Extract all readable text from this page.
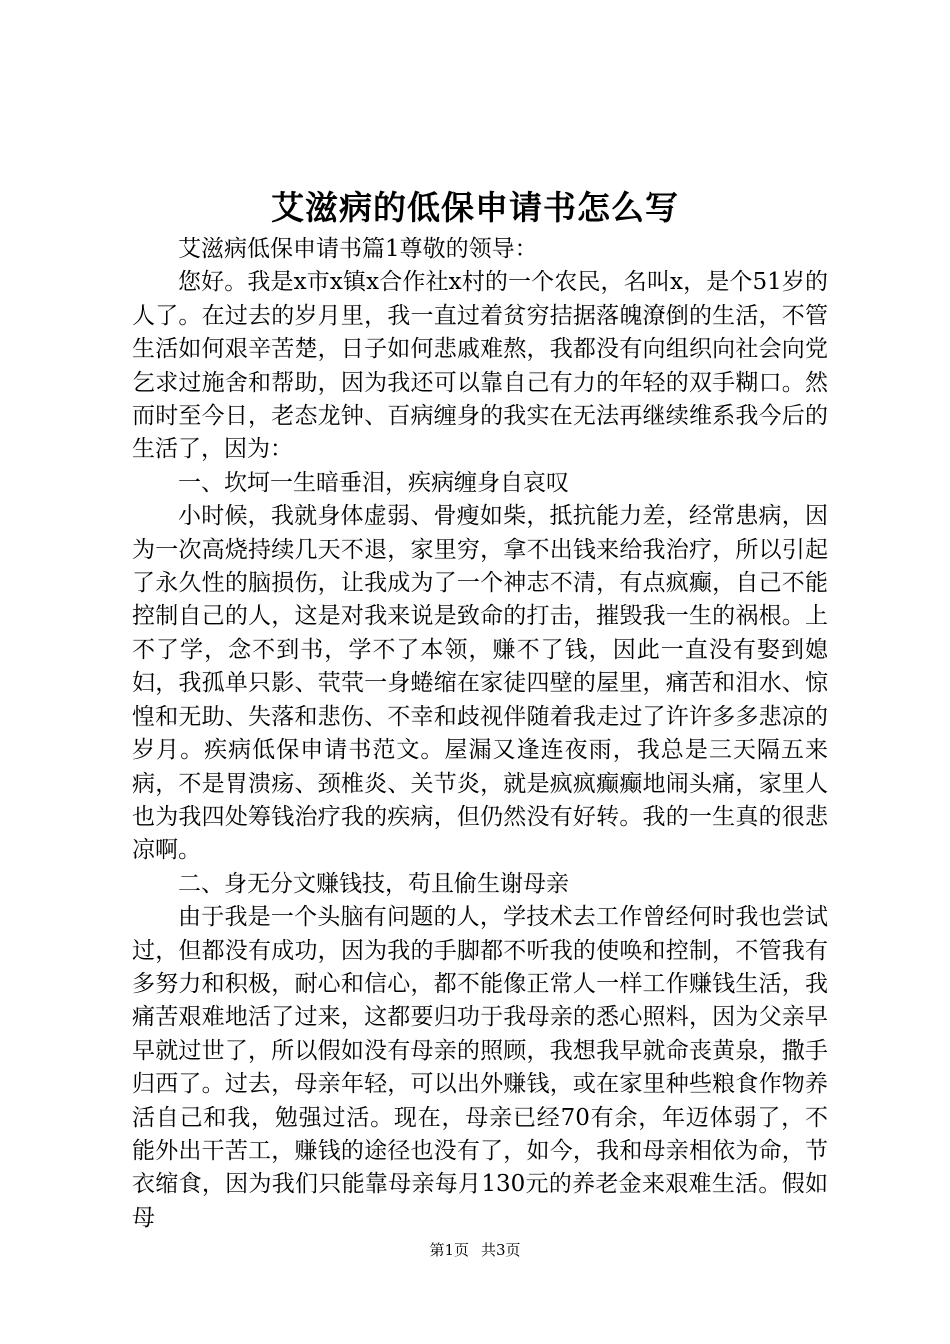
艾滋病的低保申请书怎么写

艾滋病低保申请书篇1尊敬的领导：

您好。我是x市x镇x合作社x村的一个农民，名叫x，是个51岁的人了。在过去的岁月里，我一直过着贫穷拮据落魄潦倒的生活，不管生活如何艰辛苦楚，日子如何悲戚难熬，我都没有向组织向社会向党乞求过施舍和帮助，因为我还可以靠自己有力的年轻的双手糊口。然而时至今日，老态龙钟、百病缠身的我实在无法再继续维系我今后的生活了，因为：

一、坎坷一生暗垂泪，疾病缠身自哀叹

小时候，我就身体虚弱、骨瘦如柴，抵抗能力差，经常患病，因为一次高烧持续几天不退，家里穷，拿不出钱来给我治疗，所以引起了永久性的脑损伤，让我成为了一个神志不清，有点疯癫，自己不能控制自己的人，这是对我来说是致命的打击，摧毁我一生的祸根。上不了学，念不到书，学不了本领，赚不了钱，因此一直没有娶到媳妇，我孤单只影、茕茕一身蜷缩在家徒四壁的屋里，痛苦和泪水、惊惶和无助、失落和悲伤、不幸和歧视伴随着我走过了许许多多悲凉的岁月。疾病低保申请书范文。屋漏又逢连夜雨，我总是三天隔五来病，不是胃溃疡、颈椎炎、关节炎，就是疯疯癫癫地闹头痛，家里人也为我四处筹钱治疗我的疾病，但仍然没有好转。我的一生真的很悲凉啊。

二、身无分文赚钱技，苟且偷生谢母亲

由于我是一个头脑有问题的人，学技术去工作曾经何时我也尝试过，但都没有成功，因为我的手脚都不听我的使唤和控制，不管我有多努力和积极，耐心和信心，都不能像正常人一样工作赚钱生活，我痛苦艰难地活了过来，这都要归功于我母亲的悉心照料，因为父亲早早就过世了，所以假如没有母亲的照顾，我想我早就命丧黄泉，撒手归西了。过去，母亲年轻，可以出外赚钱，或在家里种些粮食作物养活自己和我，勉强过活。现在，母亲已经70有余，年迈体弱了，不能外出干苦工，赚钱的途径也没有了，如今，我和母亲相依为命，节衣缩食，因为我们只能靠母亲每月130元的养老金来艰难生活。假如母

第1页 共3页
